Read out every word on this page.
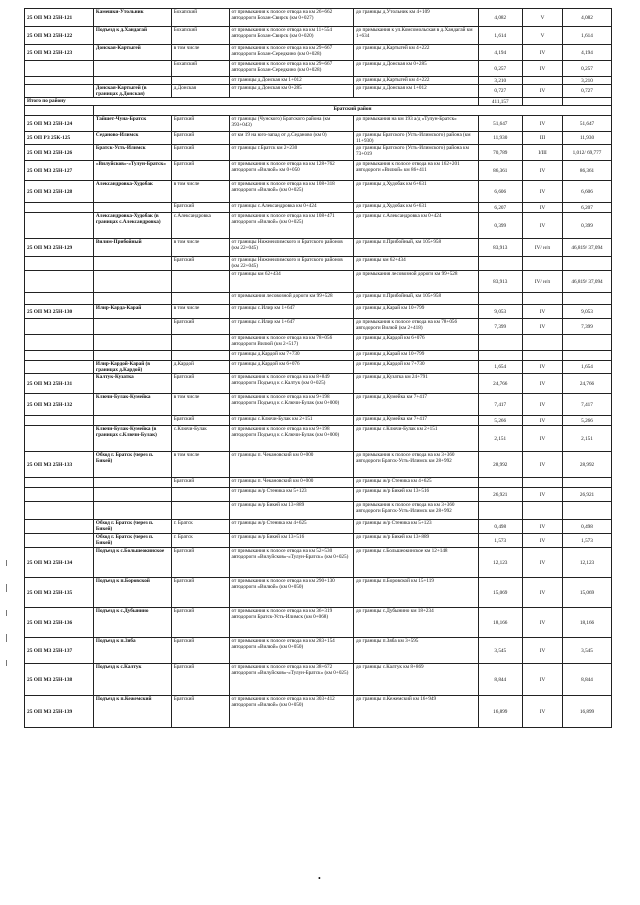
25 ОП МЗ 25Н-121	Камешки-Утольник	Бохапский	от примыкания к полосе отвода на км 26+662 автодороги Бохан-Свирск (км 0+027)	до границы д.Утольник км 4+109	4,082	V	4,082
25 ОП МЗ 25Н-122	Подъезд к д.Хандагай	Бохапский	от примыкания к полосе отвода на км 11+554 автодороги Бохан-Свирск (км 0+020)	до примыкания к ул.Комсомольская в д.Хандагай км 1+634	1,614	V	1,614
25 ОП МЗ 25Н-123	Донская-Картыгей	в том числе	от примыкания к полосе отвода на км 29+667 автодороги Бохан-Середкино (км 0+028)	до границы д.Картыгей км 4+222	4,194	IV	4,194
		Бохапский	от примыкания к полосе отвода на км 29+667 автодороги Бохан-Середкино (км 0+028)	до границы д.Донская км 0+285	0,257	IV	0,257
			от границы д.Донская км 1+012	до границы д.Картыгей км 4+222	3,210		3,210
	Донская-Картыгей (в границах д.Донская)	д.Донская	от границы д.Донская км 0+285	до границы д.Донская км 1+012	0,727	IV	0,727
Итого по району					411,157		
	Братский район						
25 ОП МЗ 25Н-124	Тайшет-Чуна-Братск	Братский	от границы (Чунского) Братского района (км 393+043)	до примыкания на км 193 а/д «Тулун-Братск»	51,647	IV	51,647
25 ОП РЗ 25К-125	Седаново-Илимск	Братский	от км 19 на юго-запад от д.Седаново (км 0)	до границы Братского (Усть-Илимского) района (км 11+930)	11,930	III	11,930
25 ОП МЗ 25Н-126	Братск-Усть-Илимск	Братский	от границы г.Братск км 2+230	до границы Братского (Усть-Илимского) района км 73+019	70,789	I/III	1,012/ 69,777
25 ОП МЗ 25Н-127	«Вилуйсков»-«Тулун-Братск»	Братский	от примыкания к полосе отвода на км 128+762 автодороги «Вилюй» км 0+050	до примыкания к полосе отвода на км 162+201 автодороги «Вилюй» км 86+411	86,361	IV	86,361
25 ОП МЗ 25Н-128	Александровка-Худобак	в том числе	от примыкания к полосе отвода на км 108+318 автодороги «Вилюй» (км 0+025)	до границы д.Худобак км 6+631	6,606	IV	6,606
		Братский	от границы с.Александровка км 0+424	до границы д.Худобак км 6+631	6,207	IV	6,207
	Александровка-Худобак (в границах с.Александровка)	с.Александровка	от примыкания к полосе отвода на км 108+471 автодороги «Вилюй» (км 0+025)	до границы с.Александровка км 0+424	0,399	IV	0,399
25 ОП МЗ 25Н-129	Вилим-Прибойный	в том числе	от границы Нижнеилимского и Братского районов (км 22+045)	до границы п.Прибойный, км 105+958	83,913	IV/ н/п	46,819/ 37,094
		Братский	от границы Нижнеилимского и Братского районов (км 22+045)	до границы км 62+434			
			от границы км 62+434	до примыкания лесовозной дороги км 99+528	83,913	IV/ н/п	46,819/ 37,094
			от примыкания лесовозной дороги км 99+528	до границы п.Прибойный, км 105+958			
25 ОП МЗ 25Н-130	Илир-Карда-Карай	в том числе	от границы с.Илир км 1+647	до границы д.Карай км 10+799	9,053	IV	9,053
		Братский	от границы с.Илир км 1+647	до примыкания к полосе отвода на км 78+056 автодороги Вилюй (км 2+418)	7,399	IV	7,399
			от примыкания к полосе отвода на км 78+056 автодороги Вилюй (км 2+517)	до границы д.Кардой км 6+076			
			от границы д.Кардой км 7+730	до границы д.Карай км 10+799			
	Илир-Кардой-Карай (в границах д.Кардой)	д.Кардой	от границы д.Кардой км 6+076	до границы д.Кардой км 7+730	1,654	IV	1,654
25 ОП МЗ 25Н-131	Калтук-Кузатка	Братский	от примыкания к полосе отвода на км 8+849 автодороги Подъезд к с.Калтук (км 0+025)	до границы д.Кузатка км 24+791	24,766	IV	24,766
25 ОП МЗ 25Н-132	Ключи-Булак-Кумейка	в том числе	от примыкания к полосе отвода на км 9+198 автодороги Подъезд к с.Ключи-Булак (км 0+000)	до границы д.Кумейка км 7+417	7,417	IV	7,417
		Братский	от границы с.Ключи-Булак км 2+151	до границы д.Кумейка км 7+417	5,266	IV	5,266
	Ключи-Булак-Кумейка (в границах с.Ключи-Булак)	с.Ключи-Булак	от примыкания к полосе отвода на км 9+198 автодороги Подъезд к с.Ключи-Булак (км 0+000)	до границы с.Ключи-Булак км 2+151	2,151	IV	2,151
25 ОП МЗ 25Н-133	Обход г. Братск (через п. Бикей)	в том числе	от границы п. Чекановский км 0+000	до примыкания к полосе отвода на км 3+360 автодороги Братск-Усть-Илимск км 28+992	28,992	IV	28,992
		Братский	от границы п. Чекановский км 0+000	до границы ж/р Стеника км 4+625			
			от границы ж/р Стеника км 5+123	до границы ж/р Бикей км 13+516	26,921	IV	26,921
			от границы ж/р Бикей км 13+889	до примыкания к полосе отвода на км 3+360 автодороги Братск-Усть-Илимск км 28+992			
	Обход г. Братск (через п. Бикей)	г. Братск	от границы ж/р Стеника км 4+625	до границы ж/р Стеника км 5+123	0,498	IV	0,498
	Обход г. Братск (через п. Бикей)	г. Братск	от границы ж/р Бикей км 13+516	до границы ж/р Бикей км 13+889	1,573	IV	1,573
25 ОП МЗ 25Н-134	Подъезд к с.Большеокинское	Братский	от примыкания к полосе отвода на км 52+530 автодороги «Вилуйсков»-«Тулун-Братск» (км 0+025)	до границы с.Большеокинское км 12+148	12,123	IV	12,123
25 ОП МЗ 25Н-135	Подъезд к п.Боровской	Братский	от примыкания к полосе отвода на км 290+130 автодороги «Вилюй» (км 0+050)	до границы п.Боровской км 15+119	15,069	IV	15,069
25 ОП МЗ 25Н-136	Подъезд к с.Дубынино	Братский	от примыкания к полосе отвода на км 36+319 автодороги Братск-Усть-Илимск (км 0+068)	до границы с.Дубынино км 18+234	18,166	IV	18,166
25 ОП МЗ 25Н-137	Подъезд к п.Зяба	Братский	от примыкания к полосе отвода на км 283+154 автодороги «Вилюй» (км 0+050)	до границы п.Зяба км 3+595	3,545	IV	3,545
25 ОП МЗ 25Н-138	Подъезд к с.Калтук	Братский	от примыкания к полосе отвода на км 38+672 автодороги «Вилуйсков»-«Тулун-Братск» (км 0+025)	до границы с.Калтук км 8+869	8,844	IV	8,844
25 ОП МЗ 25Н-139	Подъезд к п.Кежемский	Братский	от примыкания к полосе отвода на км 303+412 автодороги «Вилюй» (км 0+050)	до границы п.Кежемский км 16+949	16,899	IV	16,899
•
